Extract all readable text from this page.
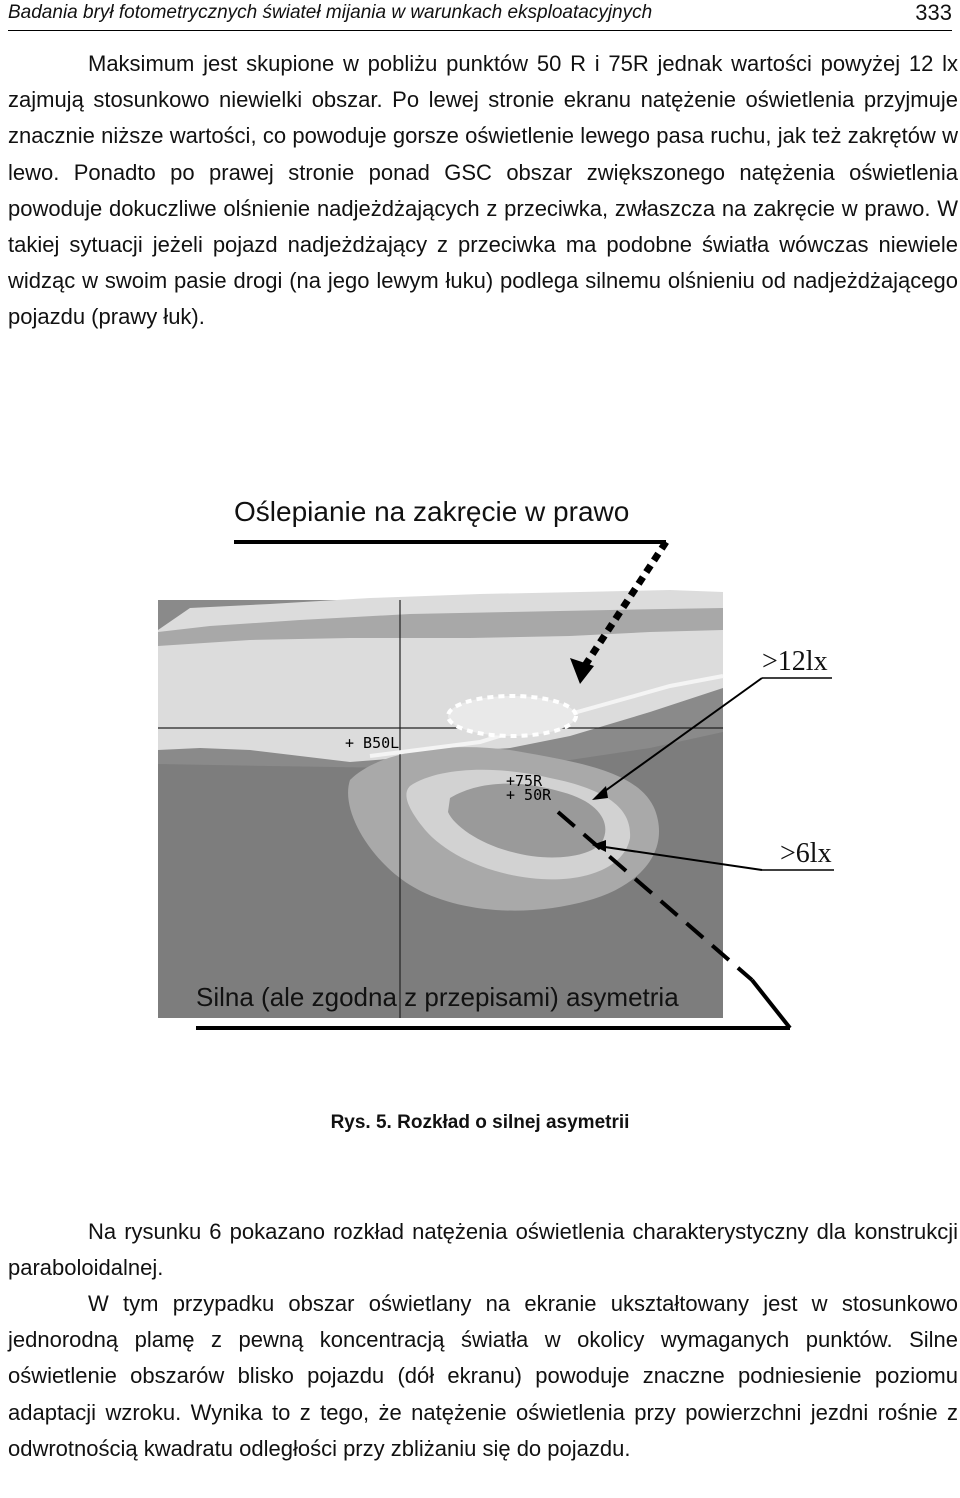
Badania brył fotometrycznych świateł mijania w warunkach eksploatacyjnych	333

Maksimum jest skupione w pobliżu punktów 50 R i 75R jednak wartości powyżej 12 lx zajmują stosunkowo niewielki obszar. Po lewej stronie ekranu natężenie oświetlenia przyjmuje znacznie niższe wartości, co powoduje gorsze oświetlenie lewego pasa ruchu, jak też zakrętów w lewo. Ponadto po prawej stronie ponad GSC obszar zwiększonego natężenia oświetlenia powoduje dokuczliwe olśnienie nadjeżdżających z przeciwka, zwłaszcza na zakręcie w prawo. W takiej sytuacji jeżeli pojazd nadjeżdżający z przeciwka ma podobne światła wówczas niewiele widząc w swoim pasie drogi (na jego lewym łuku) podlega silnemu olśnieniu od nadjeżdżającego pojazdu (prawy łuk).

Oślepianie na zakręcie w prawo
>12lx
>6lx
+ B50L
+75R
+ 50R
Silna (ale zgodna z przepisami) asymetria
Rys. 5. Rozkład o silnej asymetrii

Na rysunku 6 pokazano rozkład natężenia oświetlenia charakterystyczny dla konstrukcji paraboloidalnej.

W tym przypadku obszar oświetlany na ekranie ukształtowany jest w stosunkowo jednorodną plamę z pewną koncentracją światła w okolicy wymaganych punktów. Silne oświetlenie obszarów blisko pojazdu (dół ekranu) powoduje znaczne podniesienie poziomu adaptacji wzroku. Wynika to z tego, że natężenie oświetlenia przy powierzchni jezdni rośnie z odwrotnością kwadratu odległości przy zbliżaniu się do pojazdu.
